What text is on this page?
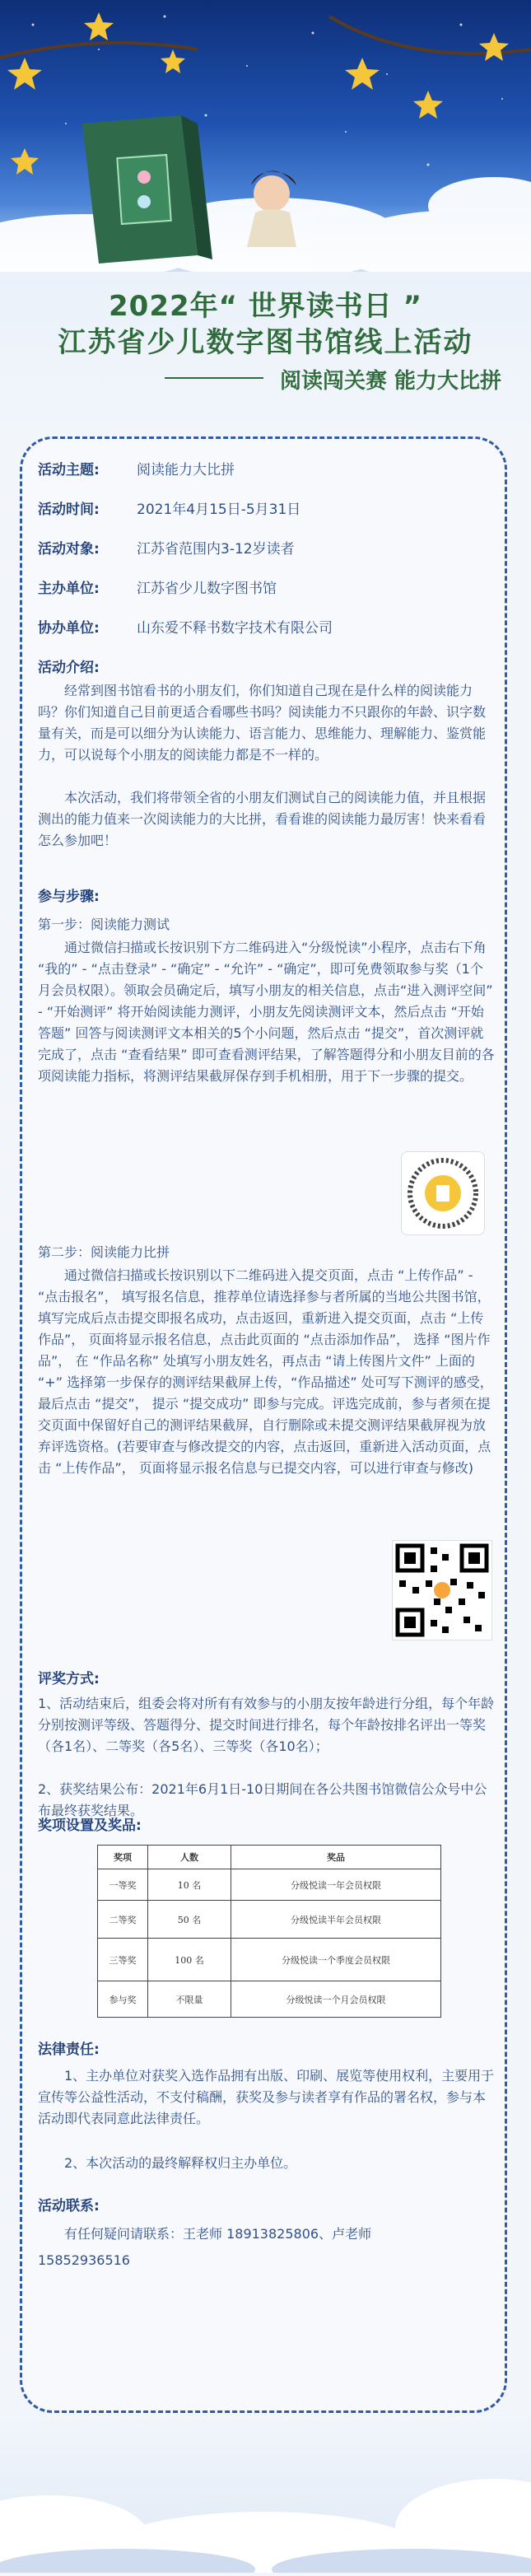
2022年“ 世界读书日 ”
江苏省少儿数字图书馆线上活动
阅读闯关赛 能力大比拼
活动主题:	阅读能力大比拼
活动时间:	2021年4月15日-5月31日
活动对象:	江苏省范围内3-12岁读者
主办单位:	江苏省少儿数字图书馆
协办单位:	山东爱不释书数字技术有限公司
活动介绍:
经常到图书馆看书的小朋友们，你们知道自己现在是什么样的阅读能力吗？你们知道自己目前更适合看哪些书吗？阅读能力不只跟你的年龄、识字数量有关，而是可以细分为认读能力、语言能力、思维能力、理解能力、鉴赏能力，可以说每个小朋友的阅读能力都是不一样的。
本次活动，我们将带领全省的小朋友们测试自己的阅读能力值，并且根据测出的能力值来一次阅读能力的大比拼，看看谁的阅读能力最厉害！快来看看怎么参加吧！
参与步骤:
第一步：阅读能力测试
通过微信扫描或长按识别下方二维码进入“分级悦读”小程序，点击右下角 “我的” - “点击登录” - “确定” - “允许” - “确定”，即可免费领取参与奖（1个月会员权限）。领取会员确定后，填写小朋友的相关信息，点击“进入测评空间” - “开始测评” 将开始阅读能力测评，小朋友先阅读测评文本，然后点击 “开始答题” 回答与阅读测评文本相关的5个小问题，然后点击 “提交”，首次测评就完成了，点击 “查看结果” 即可查看测评结果，了解答题得分和小朋友目前的各项阅读能力指标，将测评结果截屏保存到手机相册，用于下一步骤的提交。
第二步：阅读能力比拼
通过微信扫描或长按识别以下二维码进入提交页面，点击 “上传作品” - “点击报名”， 填写报名信息，推荐单位请选择参与者所属的当地公共图书馆，填写完成后点击提交即报名成功，点击返回，重新进入提交页面，点击 “上传作品”， 页面将显示报名信息，点击此页面的 “点击添加作品”， 选择 “图片作品”， 在 “作品名称” 处填写小朋友姓名，再点击 “请上传图片文件” 上面的 “+” 选择第一步保存的测评结果截屏上传，“作品描述” 处可写下测评的感受，最后点击 “提交”， 提示 “提交成功” 即参与完成。评选完成前，参与者须在提交页面中保留好自己的测评结果截屏，自行删除或未提交测评结果截屏视为放弃评选资格。(若要审查与修改提交的内容，点击返回，重新进入活动页面，点击 “上传作品”， 页面将显示报名信息与已提交内容，可以进行审查与修改)
评奖方式:
1、活动结束后，组委会将对所有有效参与的小朋友按年龄进行分组，每个年龄分别按测评等级、答题得分、提交时间进行排名，每个年龄按排名评出一等奖（各1名）、二等奖（各5名）、三等奖（各10名）；
2、获奖结果公布：2021年6月1日-10日期间在各公共图书馆微信公众号中公布最终获奖结果。
奖项设置及奖品:
奖项	人数	奖品
一等奖	10 名	分级悦读一年会员权限
二等奖	50 名	分级悦读半年会员权限
三等奖	100 名	分级悦读一个季度会员权限
参与奖	不限量	分级悦读一个月会员权限
法律责任:
1、主办单位对获奖入选作品拥有出版、印刷、展览等使用权利，主要用于宣传等公益性活动，不支付稿酬，获奖及参与读者享有作品的署名权，参与本活动即代表同意此法律责任。
2、本次活动的最终解释权归主办单位。
活动联系:
有任何疑问请联系：王老师 18913825806、卢老师
15852936516
